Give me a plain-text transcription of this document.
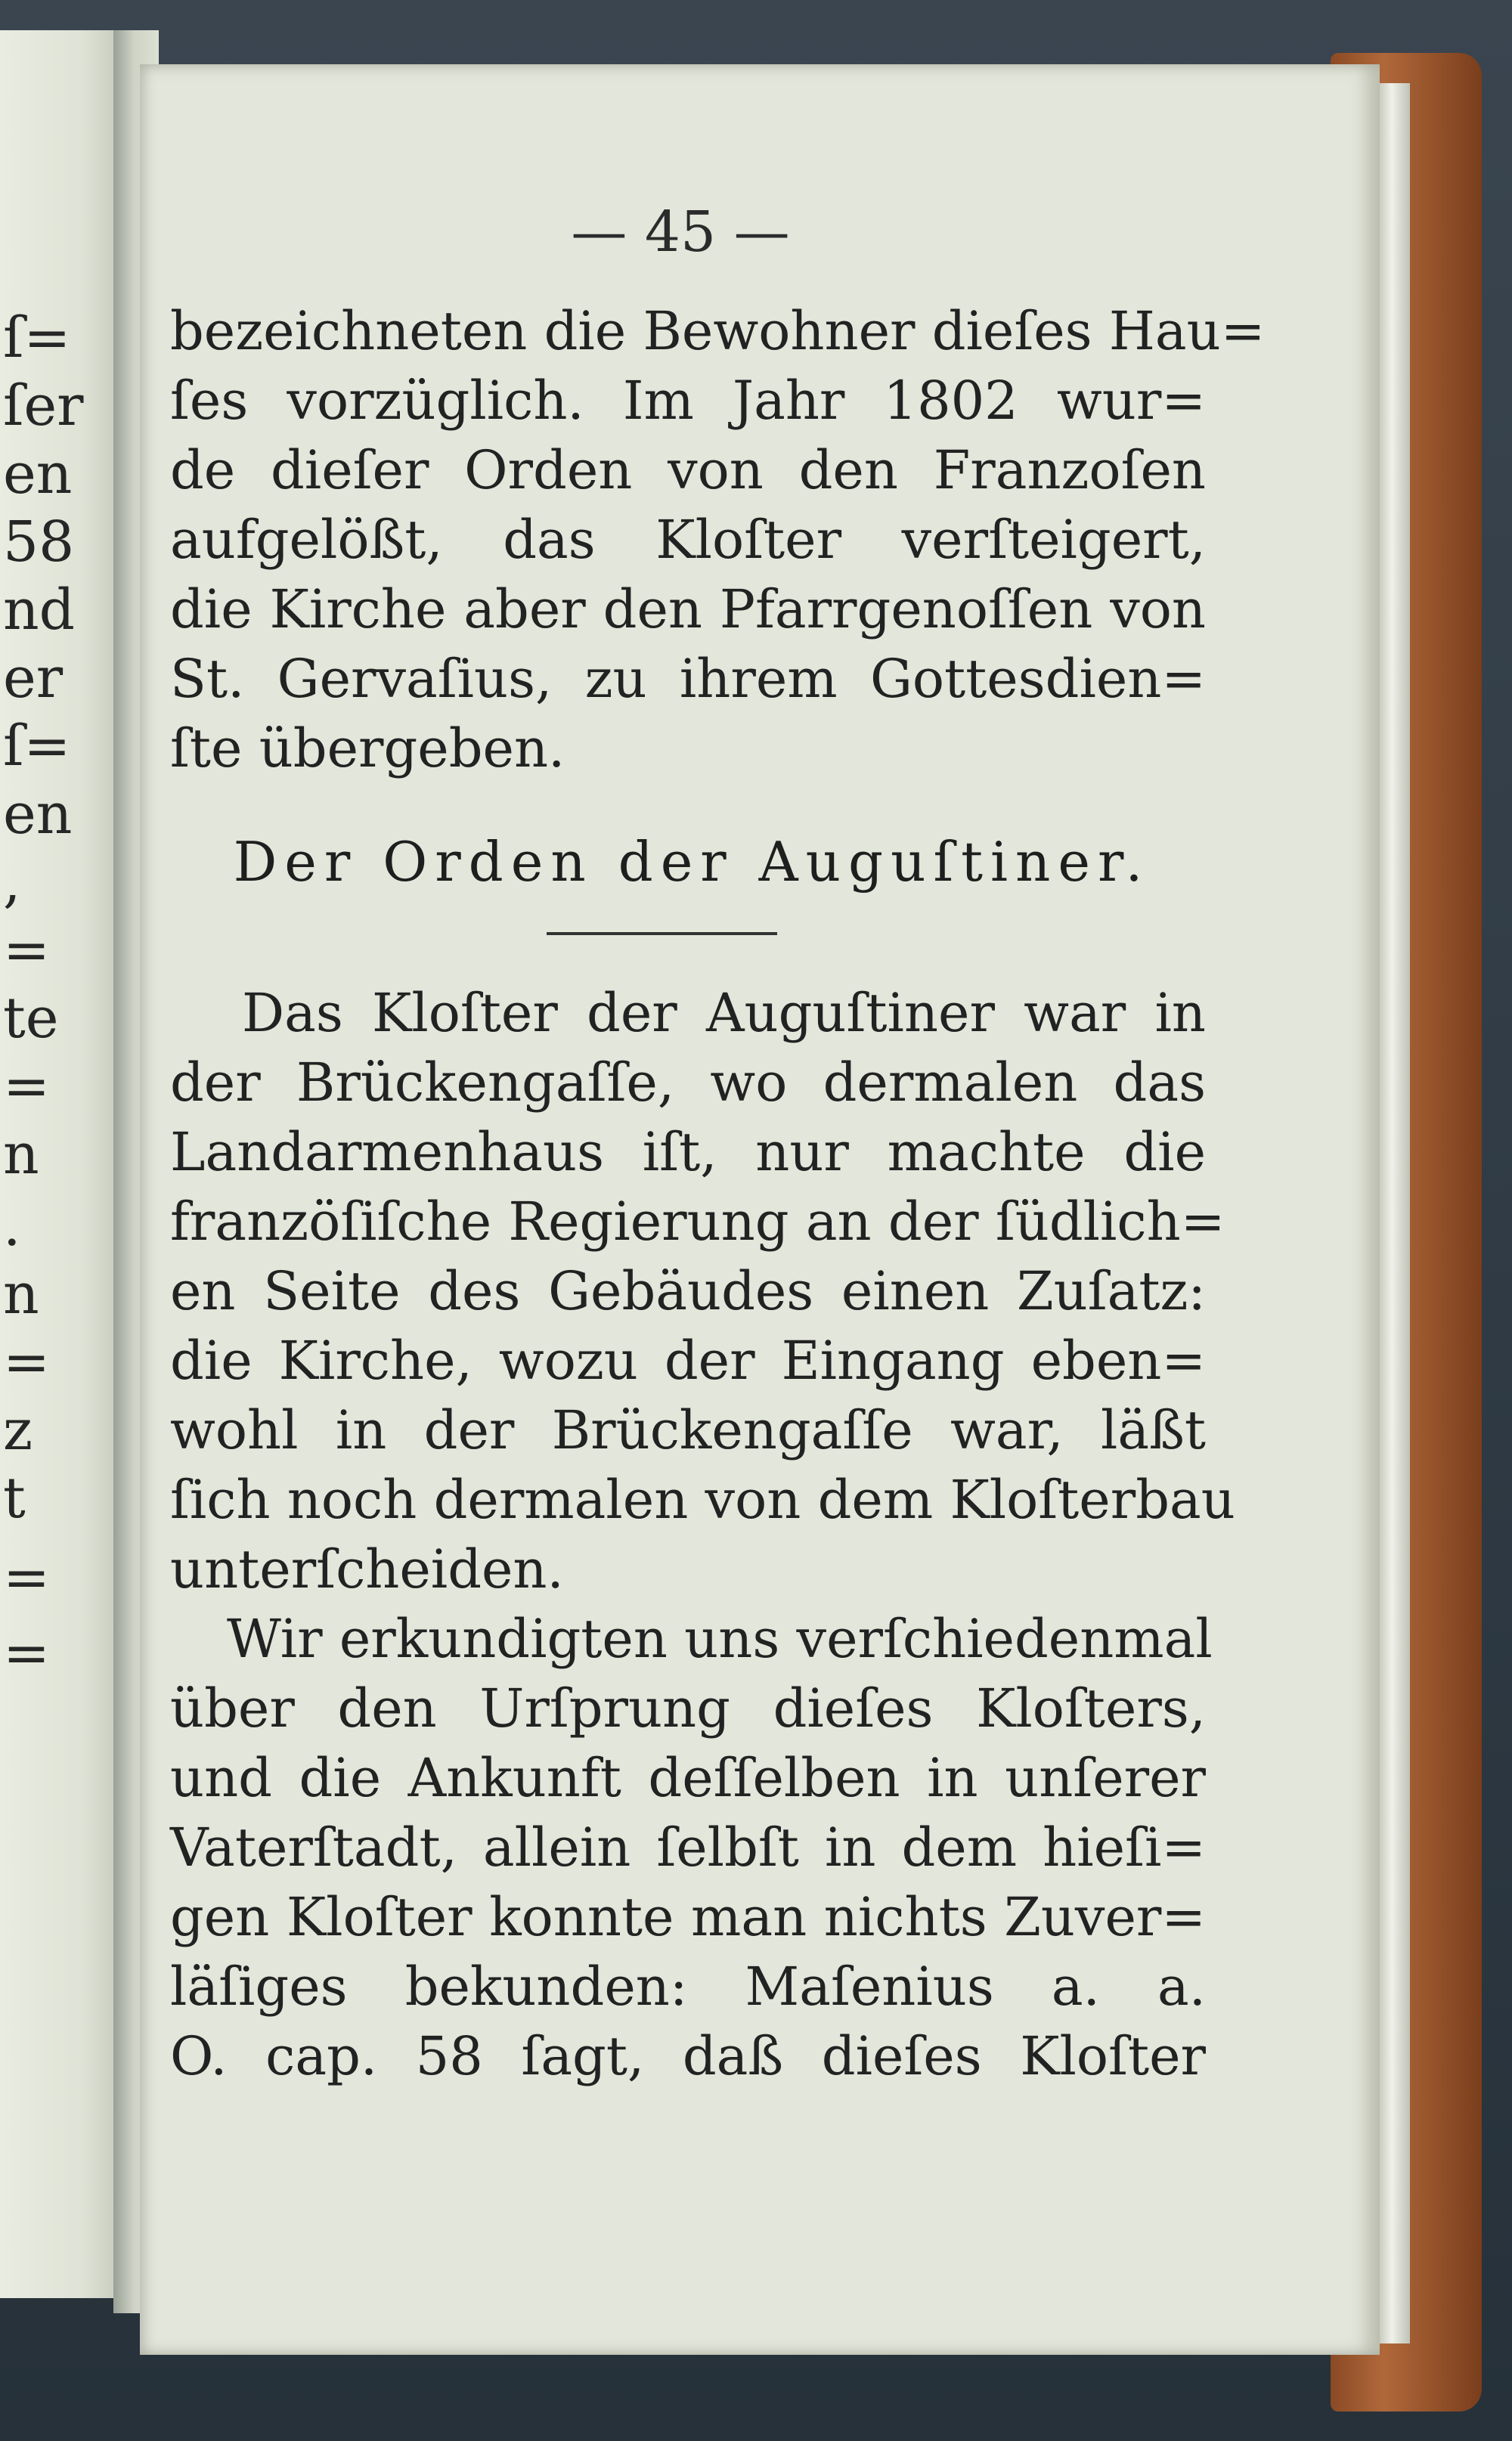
ſ=
ſer
en
58
nd
er
ſ=
en
,
=
te
=
n
.
n
=
z
t
=
=
— 45 —
bezeichneten die Bewohner dieſes Hau=
ſes vorzüglich. Im Jahr 1802 wur=
de dieſer Orden von den Franzoſen
aufgelößt, das Kloſter verſteigert,
die Kirche aber den Pfarrgenoſſen von
St. Gervaſius, zu ihrem Gottesdien=
ſte übergeben.
Der Orden der Auguſtiner.
Das Kloſter der Auguſtiner war in
der Brückengaſſe, wo dermalen das
Landarmenhaus iſt, nur machte die
franzöſiſche Regierung an der ſüdlich=
en Seite des Gebäudes einen Zuſatz:
die Kirche, wozu der Eingang eben=
wohl in der Brückengaſſe war, läßt
ſich noch dermalen von dem Kloſterbau
unterſcheiden.
Wir erkundigten uns verſchiedenmal
über den Urſprung dieſes Kloſters,
und die Ankunft deſſelben in unſerer
Vaterſtadt, allein ſelbſt in dem hieſi=
gen Kloſter konnte man nichts Zuver=
läſiges bekunden: Maſenius a. a.
O. cap. 58 ſagt, daß dieſes Kloſter
